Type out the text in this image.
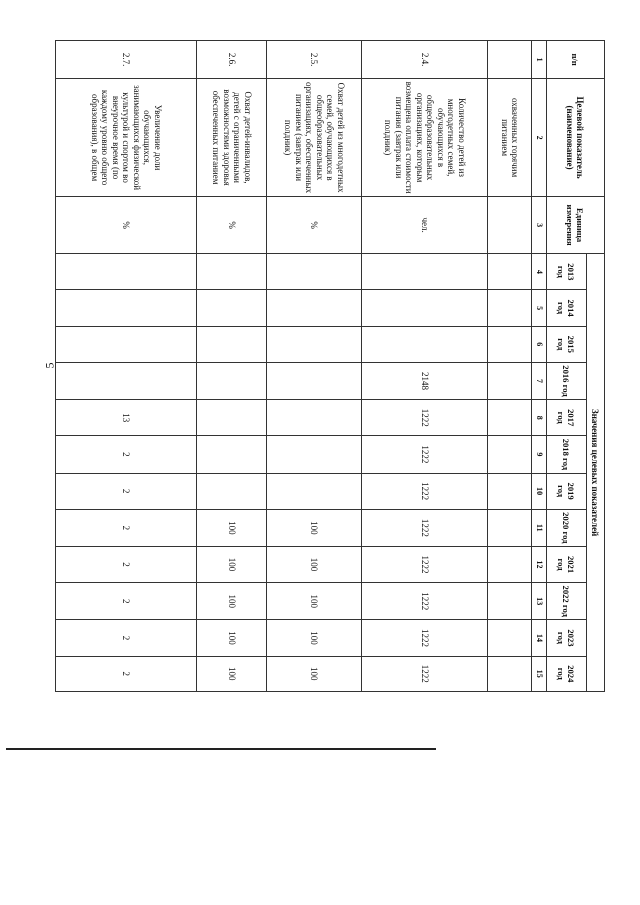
5
п/п	Целевой показатель (наименование)	Единица измерения	Значения целевых показателей											
			2013 год	2014 год	2015 год	2016 год	2017 год	2018 год	2019 год	2020 год	2021 год	2022 год	2023 год	2024 год
1	2	3	4	5	6	7	8	9	10	11	12	13	14	15
	охваченных горячим питанием													
2.4.	Количество детей из многодетных семей, обучающихся в общеобразовательных организациях, которым возмещена оплата стоимости питания (завтрак или полдник)	чел.				2148	1222	1222	1222	1222	1222	1222	1222	1222
2.5.	Охват детей из многодетных семей, обучающихся в общеобразовательных организациях, обеспеченных питанием (завтрак или полдник)	%								100	100	100	100	100
2.6.	Охват детей-инвалидов, детей с ограниченными возможностями здоровья обеспеченных питанием	%								100	100	100	100	100
2.7.	Увеличение доли обучающихся, занимающихся физической культурой и спортом во внеурочное время (по каждому уровню общего образования), в общем	%					13	2	2	2	2	2	2	2
